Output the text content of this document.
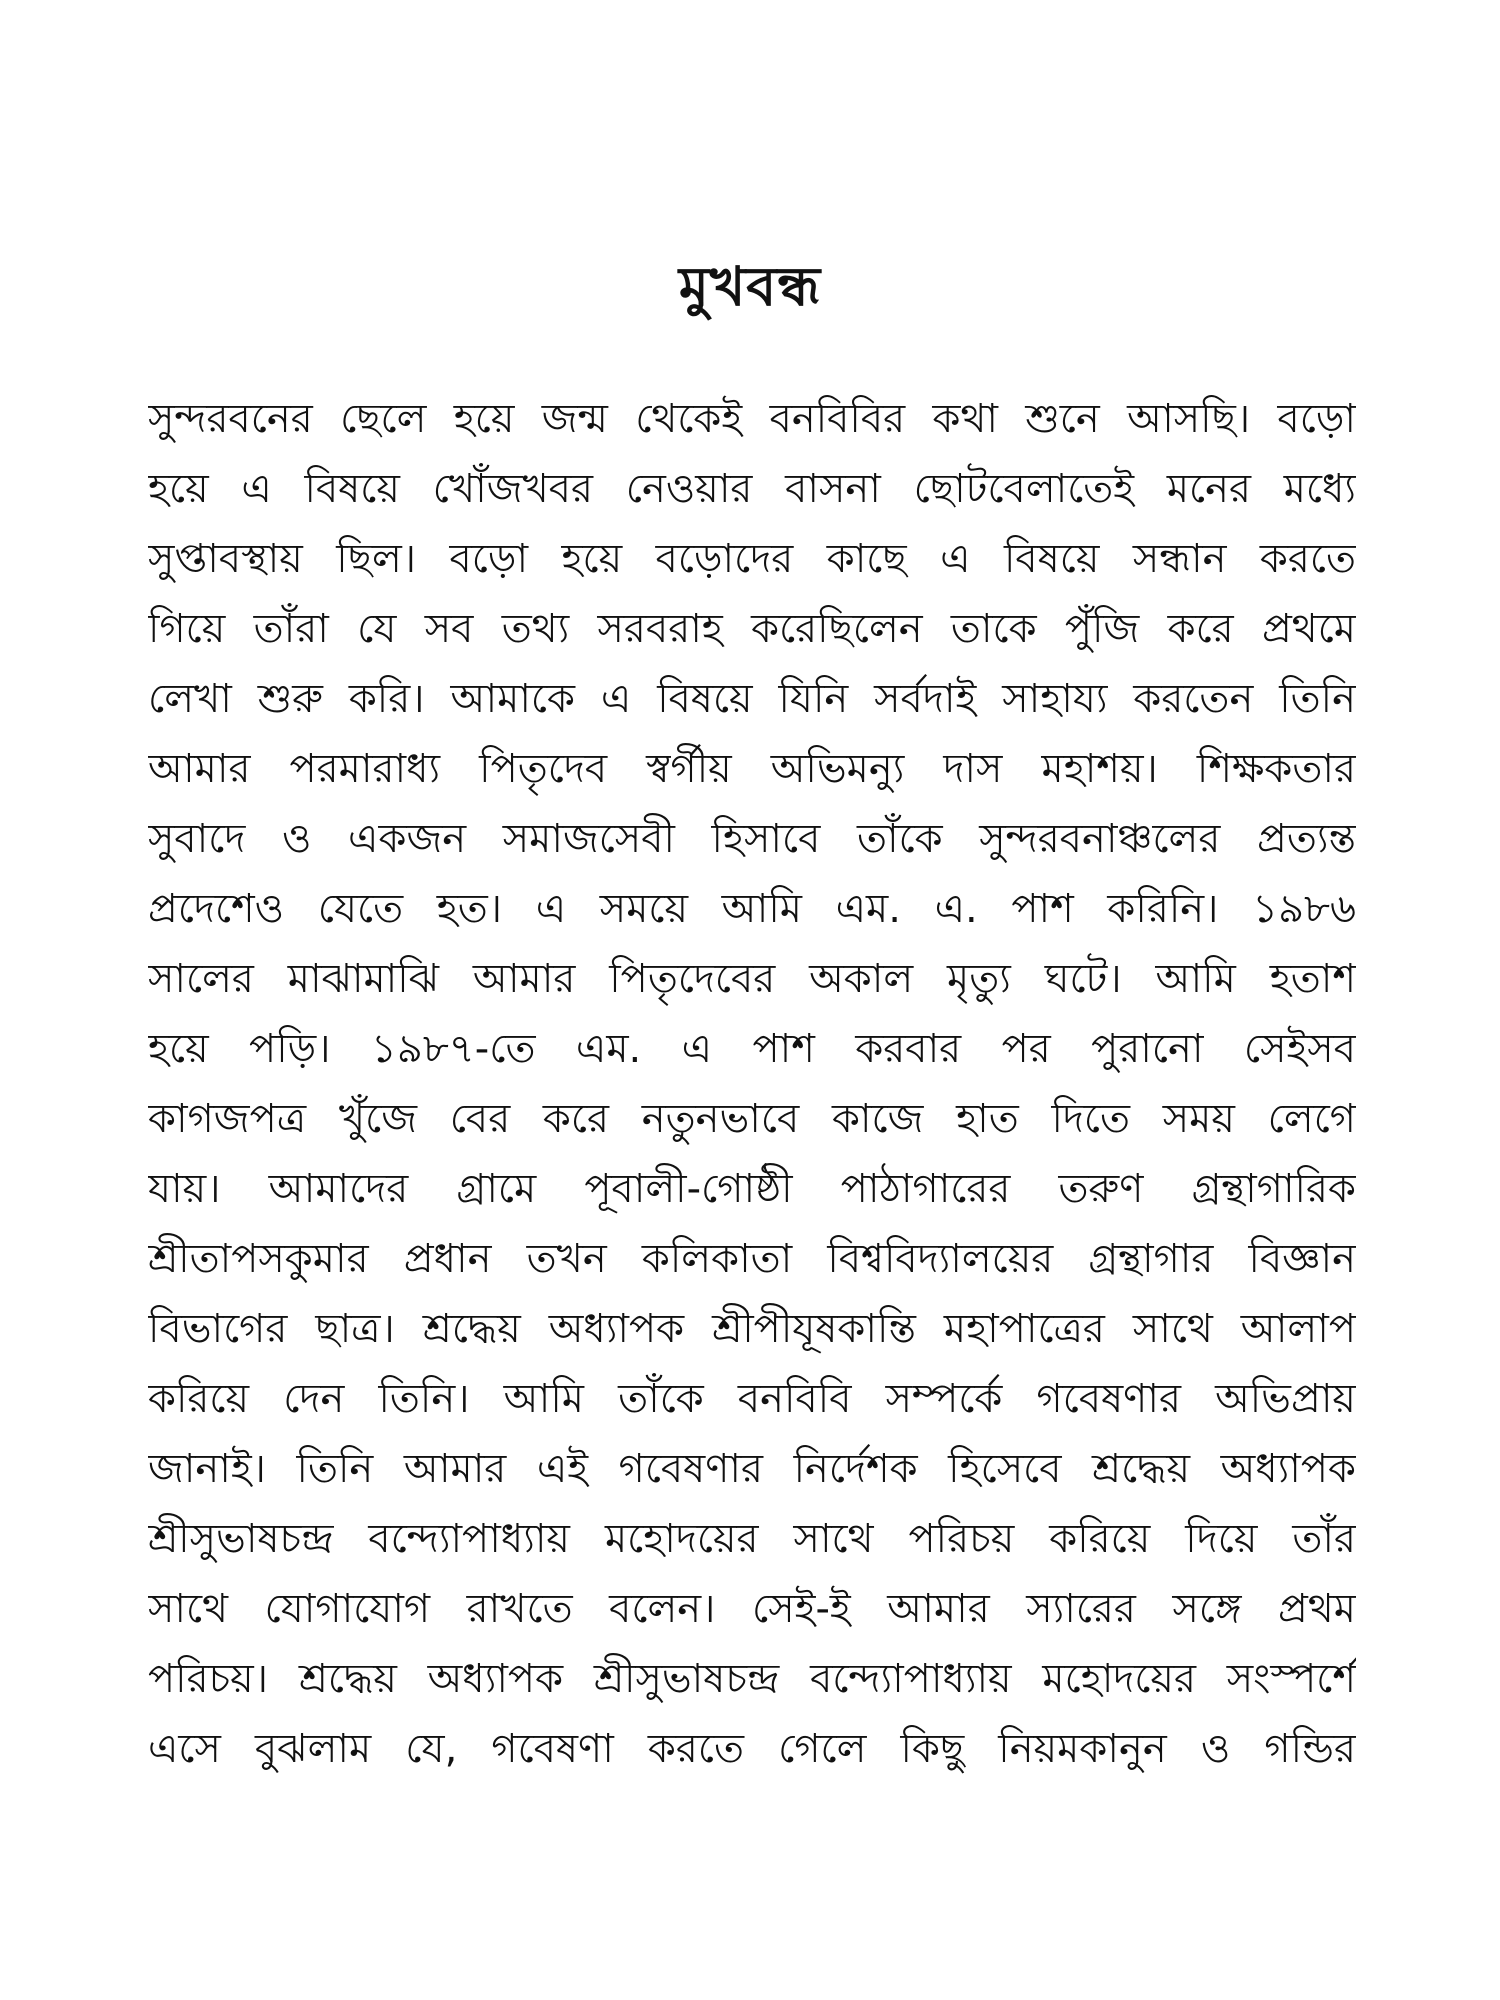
মুখবন্ধ
সুন্দরবনের ছেলে হয়ে জন্ম থেকেই বনবিবির কথা শুনে আসছি। বড়ো
হয়ে এ বিষয়ে খোঁজখবর নেওয়ার বাসনা ছোটবেলাতেই মনের মধ্যে
সুপ্তাবস্থায় ছিল। বড়ো হয়ে বড়োদের কাছে এ বিষয়ে সন্ধান করতে
গিয়ে তাঁরা যে সব তথ্য সরবরাহ করেছিলেন তাকে পুঁজি করে প্রথমে
লেখা শুরু করি। আমাকে এ বিষয়ে যিনি সর্বদাই সাহায্য করতেন তিনি
আমার পরমারাধ্য পিতৃদেব স্বর্গীয় অভিমন্যু দাস মহাশয়। শিক্ষকতার
সুবাদে ও একজন সমাজসেবী হিসাবে তাঁকে সুন্দরবনাঞ্চলের প্রত্যন্ত
প্রদেশেও যেতে হত। এ সময়ে আমি এম. এ. পাশ করিনি। ১৯৮৬
সালের মাঝামাঝি আমার পিতৃদেবের অকাল মৃত্যু ঘটে। আমি হতাশ
হয়ে পড়ি। ১৯৮৭-তে এম. এ পাশ করবার পর পুরানো সেইসব
কাগজপত্র খুঁজে বের করে নতুনভাবে কাজে হাত দিতে সময় লেগে
যায়। আমাদের গ্রামে পূবালী-গোষ্ঠী পাঠাগারের তরুণ গ্রন্থাগারিক
শ্রীতাপসকুমার প্রধান তখন কলিকাতা বিশ্ববিদ্যালয়ের গ্রন্থাগার বিজ্ঞান
বিভাগের ছাত্র। শ্রদ্ধেয় অধ্যাপক শ্রীপীযূষকান্তি মহাপাত্রের সাথে আলাপ
করিয়ে দেন তিনি। আমি তাঁকে বনবিবি সম্পর্কে গবেষণার অভিপ্রায়
জানাই। তিনি আমার এই গবেষণার নির্দেশক হিসেবে শ্রদ্ধেয় অধ্যাপক
শ্রীসুভাষচন্দ্র বন্দ্যোপাধ্যায় মহোদয়ের সাথে পরিচয় করিয়ে দিয়ে তাঁর
সাথে যোগাযোগ রাখতে বলেন। সেই-ই আমার স্যারের সঙ্গে প্রথম
পরিচয়। শ্রদ্ধেয় অধ্যাপক শ্রীসুভাষচন্দ্র বন্দ্যোপাধ্যায় মহোদয়ের সংস্পর্শে
এসে বুঝলাম যে, গবেষণা করতে গেলে কিছু নিয়মকানুন ও গন্ডির
